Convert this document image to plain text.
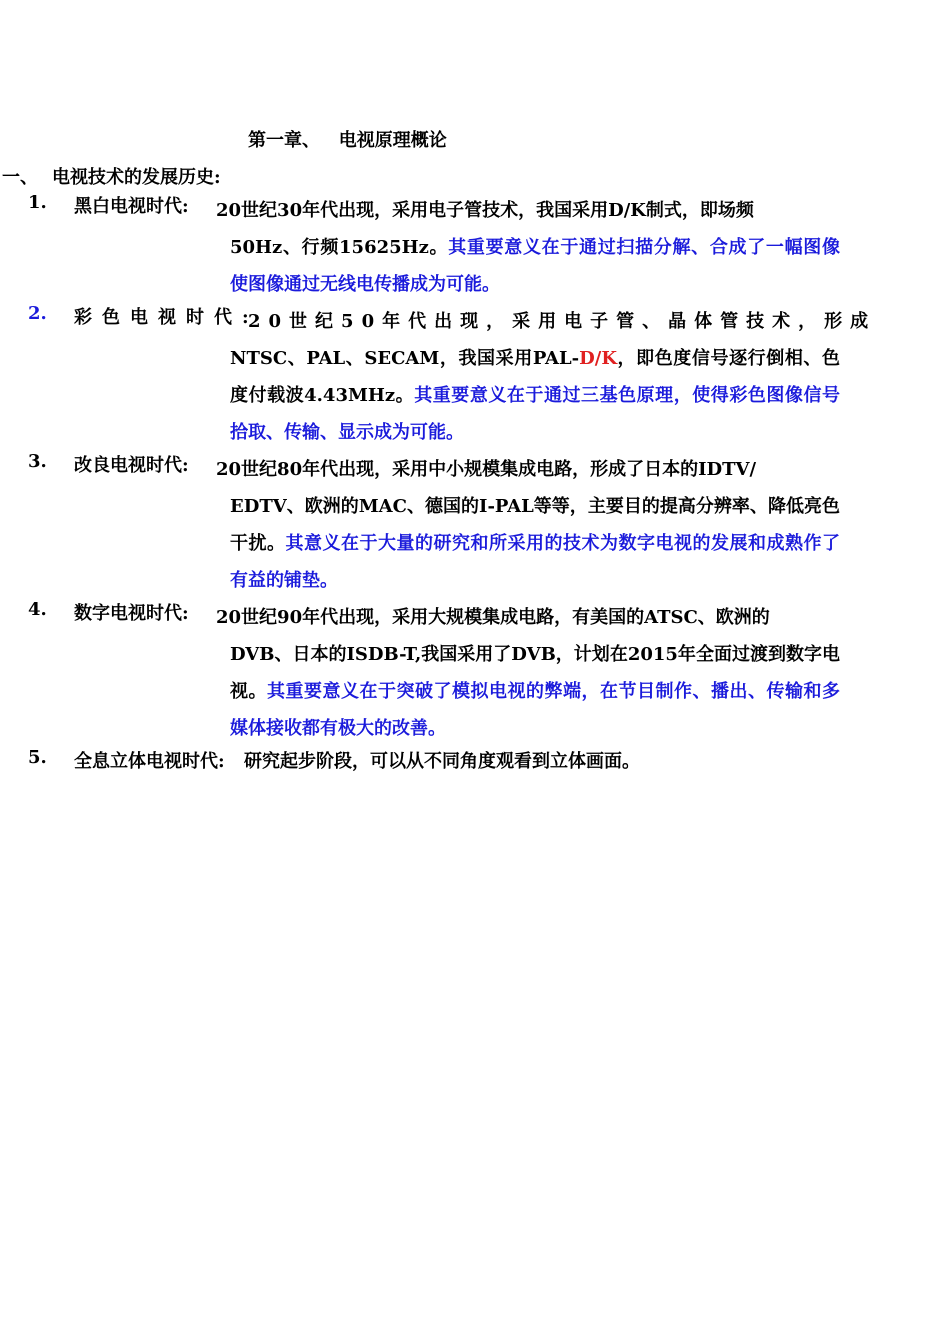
第一章、   电视原理概论
一、 电视技术的发展历史:
1.	黑白电视时代: 20世纪30年代出现，采用电子管技术，我国采用D/K制式，即场频
50Hz、行频15625Hz。其重要意义在于通过扫描分解、合成了一幅图像使图像通过无线电传播成为可能。
2.	彩色电视时代:
20世纪50年代出现，采用电子管、晶体管技术，形成
NTSC、PAL、SECAM，我国采用PAL-D/K，即色度信号逐行倒相、色度付载波4.43MHz。其重要意义在于通过三基色原理，使得彩色图像信号拾取、传输、显示成为可能。
3.	改良电视时代: 20世纪80年代出现，采用中小规模集成电路，形成了日本的IDTV/
EDTV、欧洲的MAC、德国的I-PAL等等，主要目的提高分辨率、降低亮色干扰。其意义在于大量的研究和所采用的技术为数字电视的发展和成熟作了有益的铺垫。
4.	数字电视时代: 20世纪90年代出现，采用大规模集成电路，有美国的ATSC、欧洲的
DVB、日本的ISDB-T,我国采用了DVB，计划在2015年全面过渡到数字电视。其重要意义在于突破了模拟电视的弊端，在节目制作、播出、传输和多媒体接收都有极大的改善。
5.	全息立体电视时代: 研究起步阶段，可以从不同角度观看到立体画面。
